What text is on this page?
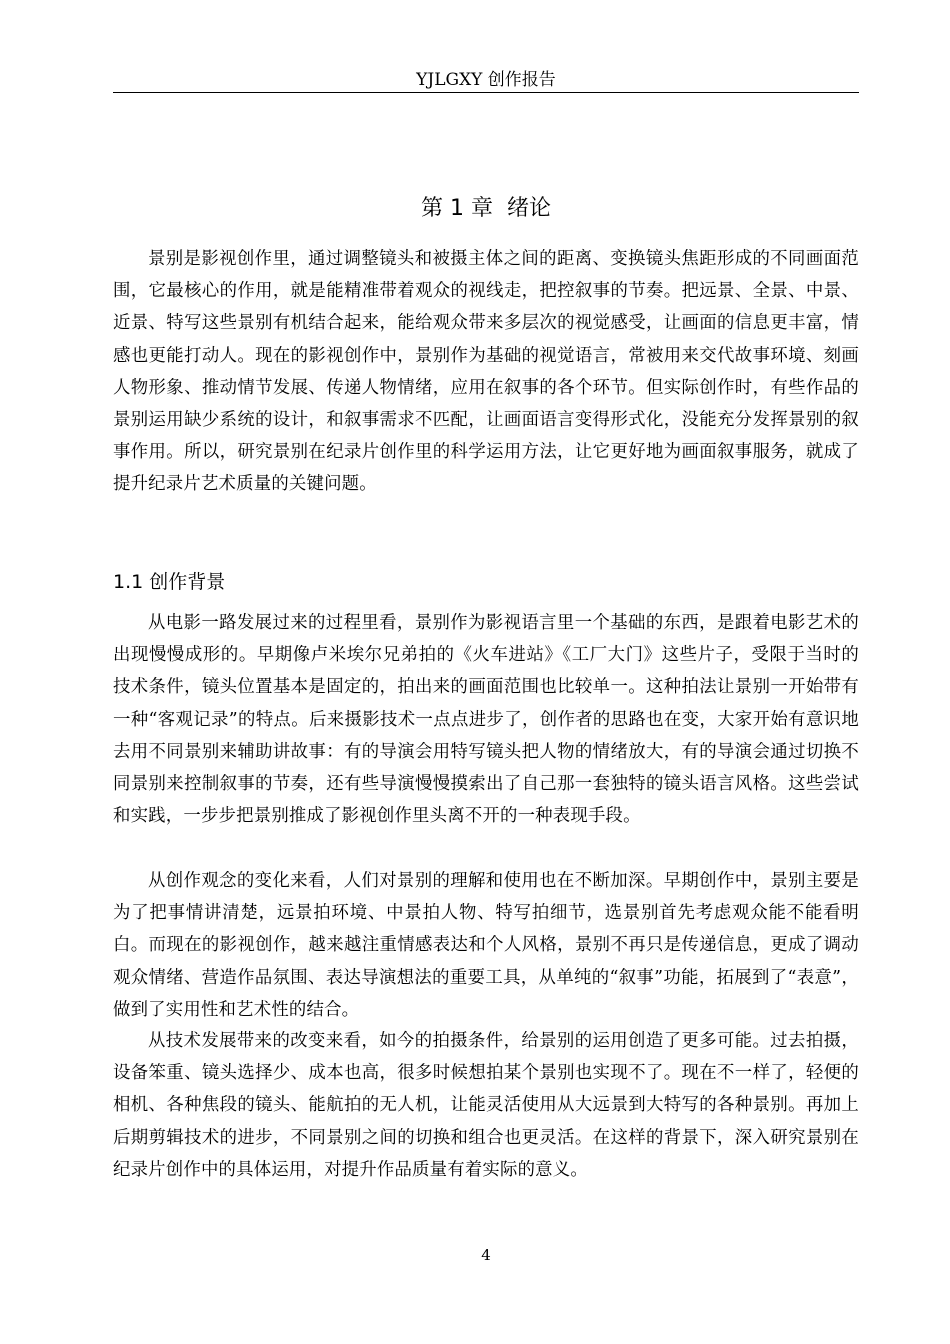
YJLGXY 创作报告
第 1 章  绪论

景别是影视创作里，通过调整镜头和被摄主体之间的距离、变换镜头焦距形成的不同画面范围，它最核心的作用，就是能精准带着观众的视线走，把控叙事的节奏。把远景、全景、中景、近景、特写这些景别有机结合起来，能给观众带来多层次的视觉感受，让画面的信息更丰富，情感也更能打动人。现在的影视创作中，景别作为基础的视觉语言，常被用来交代故事环境、刻画人物形象、推动情节发展、传递人物情绪，应用在叙事的各个环节。但实际创作时，有些作品的景别运用缺少系统的设计，和叙事需求不匹配，让画面语言变得形式化，没能充分发挥景别的叙事作用。所以，研究景别在纪录片创作里的科学运用方法，让它更好地为画面叙事服务，就成了提升纪录片艺术质量的关键问题。

1.1 创作背景

从电影一路发展过来的过程里看，景别作为影视语言里一个基础的东西，是跟着电影艺术的出现慢慢成形的。早期像卢米埃尔兄弟拍的《火车进站》《工厂大门》这些片子，受限于当时的技术条件，镜头位置基本是固定的，拍出来的画面范围也比较单一。这种拍法让景别一开始带有一种“客观记录”的特点。后来摄影技术一点点进步了，创作者的思路也在变，大家开始有意识地去用不同景别来辅助讲故事：有的导演会用特写镜头把人物的情绪放大，有的导演会通过切换不同景别来控制叙事的节奏，还有些导演慢慢摸索出了自己那一套独特的镜头语言风格。这些尝试和实践，一步步把景别推成了影视创作里头离不开的一种表现手段。

从创作观念的变化来看，人们对景别的理解和使用也在不断加深。早期创作中，景别主要是为了把事情讲清楚，远景拍环境、中景拍人物、特写拍细节，选景别首先考虑观众能不能看明白。而现在的影视创作，越来越注重情感表达和个人风格，景别不再只是传递信息，更成了调动观众情绪、营造作品氛围、表达导演想法的重要工具，从单纯的“叙事”功能，拓展到了“表意”，做到了实用性和艺术性的结合。

从技术发展带来的改变来看，如今的拍摄条件，给景别的运用创造了更多可能。过去拍摄，设备笨重、镜头选择少、成本也高，很多时候想拍某个景别也实现不了。现在不一样了，轻便的相机、各种焦段的镜头、能航拍的无人机，让能灵活使用从大远景到大特写的各种景别。再加上后期剪辑技术的进步，不同景别之间的切换和组合也更灵活。在这样的背景下，深入研究景别在纪录片创作中的具体运用，对提升作品质量有着实际的意义。

4
